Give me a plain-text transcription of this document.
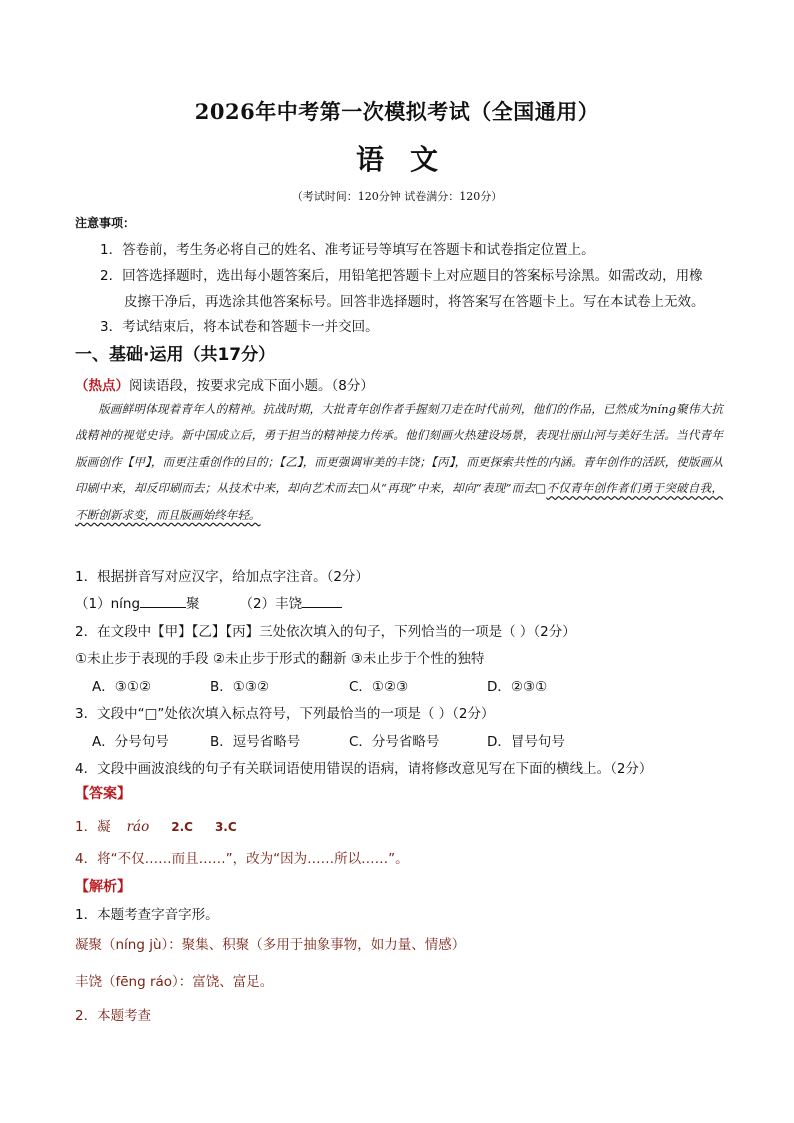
2026年中考第一次模拟考试（全国通用）
语文
（考试时间：120分钟 试卷满分：120分）
注意事项：
1．答卷前，考生务必将自己的姓名、准考证号等填写在答题卡和试卷指定位置上。
2．回答选择题时，选出每小题答案后，用铅笔把答题卡上对应题目的答案标号涂黑。如需改动，用橡
皮擦干净后，再选涂其他答案标号。回答非选择题时，将答案写在答题卡上。写在本试卷上无效。
3．考试结束后，将本试卷和答题卡一并交回。
一、基础·运用（共17分）
（热点）阅读语段，按要求完成下面小题。（8分）

版画鲜明体现着青年人的精神。抗战时期，大批青年创作者手握刻刀走在时代前列，他们的作品，已然成为níng聚伟大抗战精神的视觉史诗。新中国成立后，勇于担当的精神接力传承。他们刻画火热建设场景，表现壮丽山河与美好生活。当代青年版画创作【甲】，而更注重创作的目的；【乙】，而更强调审美的丰饶；【丙】，而更探索共性的内涵。青年创作的活跃，使版画从印刷中来，却反印刷而去；从技术中来，却向艺术而去□从“再现”中来，却向“表现”而去□不仅青年创作者们勇于突破自我，不断创新求变，而且版画始终年轻。

1．根据拼音写对应汉字，给加点字注音。（2分）
（1）níng	聚	（2）丰饶
2．在文段中【甲】【乙】【丙】三处依次填入的句子，下列恰当的一项是（ ）（2分）
①未止步于表现的手段 ②未止步于形式的翻新 ③未止步于个性的独特
A．③①②	B．①③②	C．①②③	D．②③①
3．文段中“□”处依次填入标点符号，下列最恰当的一项是（ ）（2分）
A．分号句号	B．逗号省略号	C．分号省略号	D．冒号句号
4．文段中画波浪线的句子有关联词语使用错误的语病，请将修改意见写在下面的横线上。（2分）
【答案】
1．凝 ráo 2.C 3.C
4．将“不仅……而且……”，改为“因为……所以……”。
【解析】
1．本题考查字音字形。
凝聚（níng jù）：聚集、积聚（多用于抽象事物，如力量、情感）
丰饶（fēng ráo）：富饶、富足。
2．本题考查
